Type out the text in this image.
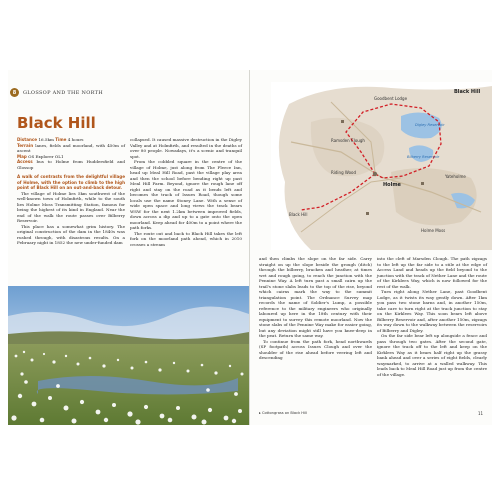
8	GLOSSOP AND THE NORTH
Black Hill
Distance 16.5km Time 4 hours
Terrain lanes, fields and moorland, with 450m of ascent
Map OS Explorer OL1
Access bus to Holme from Huddersfield and Glossop

A walk of contrasts from the delightful village of Holme, with the option to climb to the high point of Black Hill on an out-and-back detour.

The village of Holme lies 5km southwest of the well-known town of Holmfirth, while to the south lies Holme Moss Transmitting Station, famous for being the highest of its kind in England. Near the end of the walk the route passes over Bilberry Reservoir.

This place has a somewhat grim history. The original construction of the dam in the 1840s was rushed through, with disastrous results. On a February night in 1852 the new under-funded dam

collapsed. It caused massive destruction in the Digley Valley and at Holmfirth, and resulted in the deaths of over 80 people. Nowadays, it's a scenic and tranquil spot.

From the cobbled square in the centre of the village of Holme, just along from The Fleece Inn, head up Meal Hill Road, past the village play area and then the school before bending right up past Meal Hill Farm. Beyond, ignore the rough lane off right and stay on the road as it bends left and becomes the track of Issues Road, though some locals use the name Stoney Lane. With a sense of wide open space and long views the track bears WSW for the next 1.2km between improved fields, down across a dip and up to a gate onto the open moorland. Keep ahead for 400m to a point where the path forks.

The route out and back to Black Hill takes the left fork on the moorland path ahead, which in 2010 crosses a stream

Goodbent Lodge
Digley Reservoir
Bilberry Reservoir
Holme
Black Hill
Ramsden Clough
Holme Moss
Yateholme
Riding Wood
Black Hill

and then climbs the slope on the far side. Carry straight on up the slope beside the grough (ditch) through the bilberry, bracken and heather, at times wet and rough going, to reach the junction with the Pennine Way. A left turn past a small cairn up the trail's stone slabs leads to the top of the rise, beyond which cairns mark the way to the summit triangulation point. The Ordnance Survey map records the name of Soldier's Lump, a possible reference to the military engineers who originally laboured up here in the 18th century with their equipment to survey this remote moorland. Now the stone slabs of the Pennine Way make for easier going, but any deviation might still have you knee-deep in the peat. Return the same way.

To continue from the path fork, head northwards (SP footpath) across Issues Clough and over the shoulder of the rise ahead before veering left and descending

into the cleft of Marsden Clough. The path zigzags to the left up the far side to a stile at the edge of Access Land and heads up the field beyond to the junction with the track of Nether Lane and the route of the Kirklees Way, which is now followed for the rest of the walk.

Turn right along Nether Lane, past Goodbent Lodge, as it twists its way gently down. After 1km you pass two stone barns and, in another 150m, take care to turn right at the track junction to stay on the Kirklees Way. This soon bears left above Bilberry Reservoir and, after another 150m, zigzags its way down to the walkway between the reservoirs of Bilberry and Digley.

On the far side bear left up alongside a fence and pass through two gates. After the second gate, ignore the track off to the left and keep on the Kirklees Way as it bears half right up the grassy bank ahead and over a series of eight fields, clearly waymarked, to arrive at a walled walkway. This leads back to Meal Hill Road just up from the centre of the village.

▸ Cottongrass on Black Hill	11
